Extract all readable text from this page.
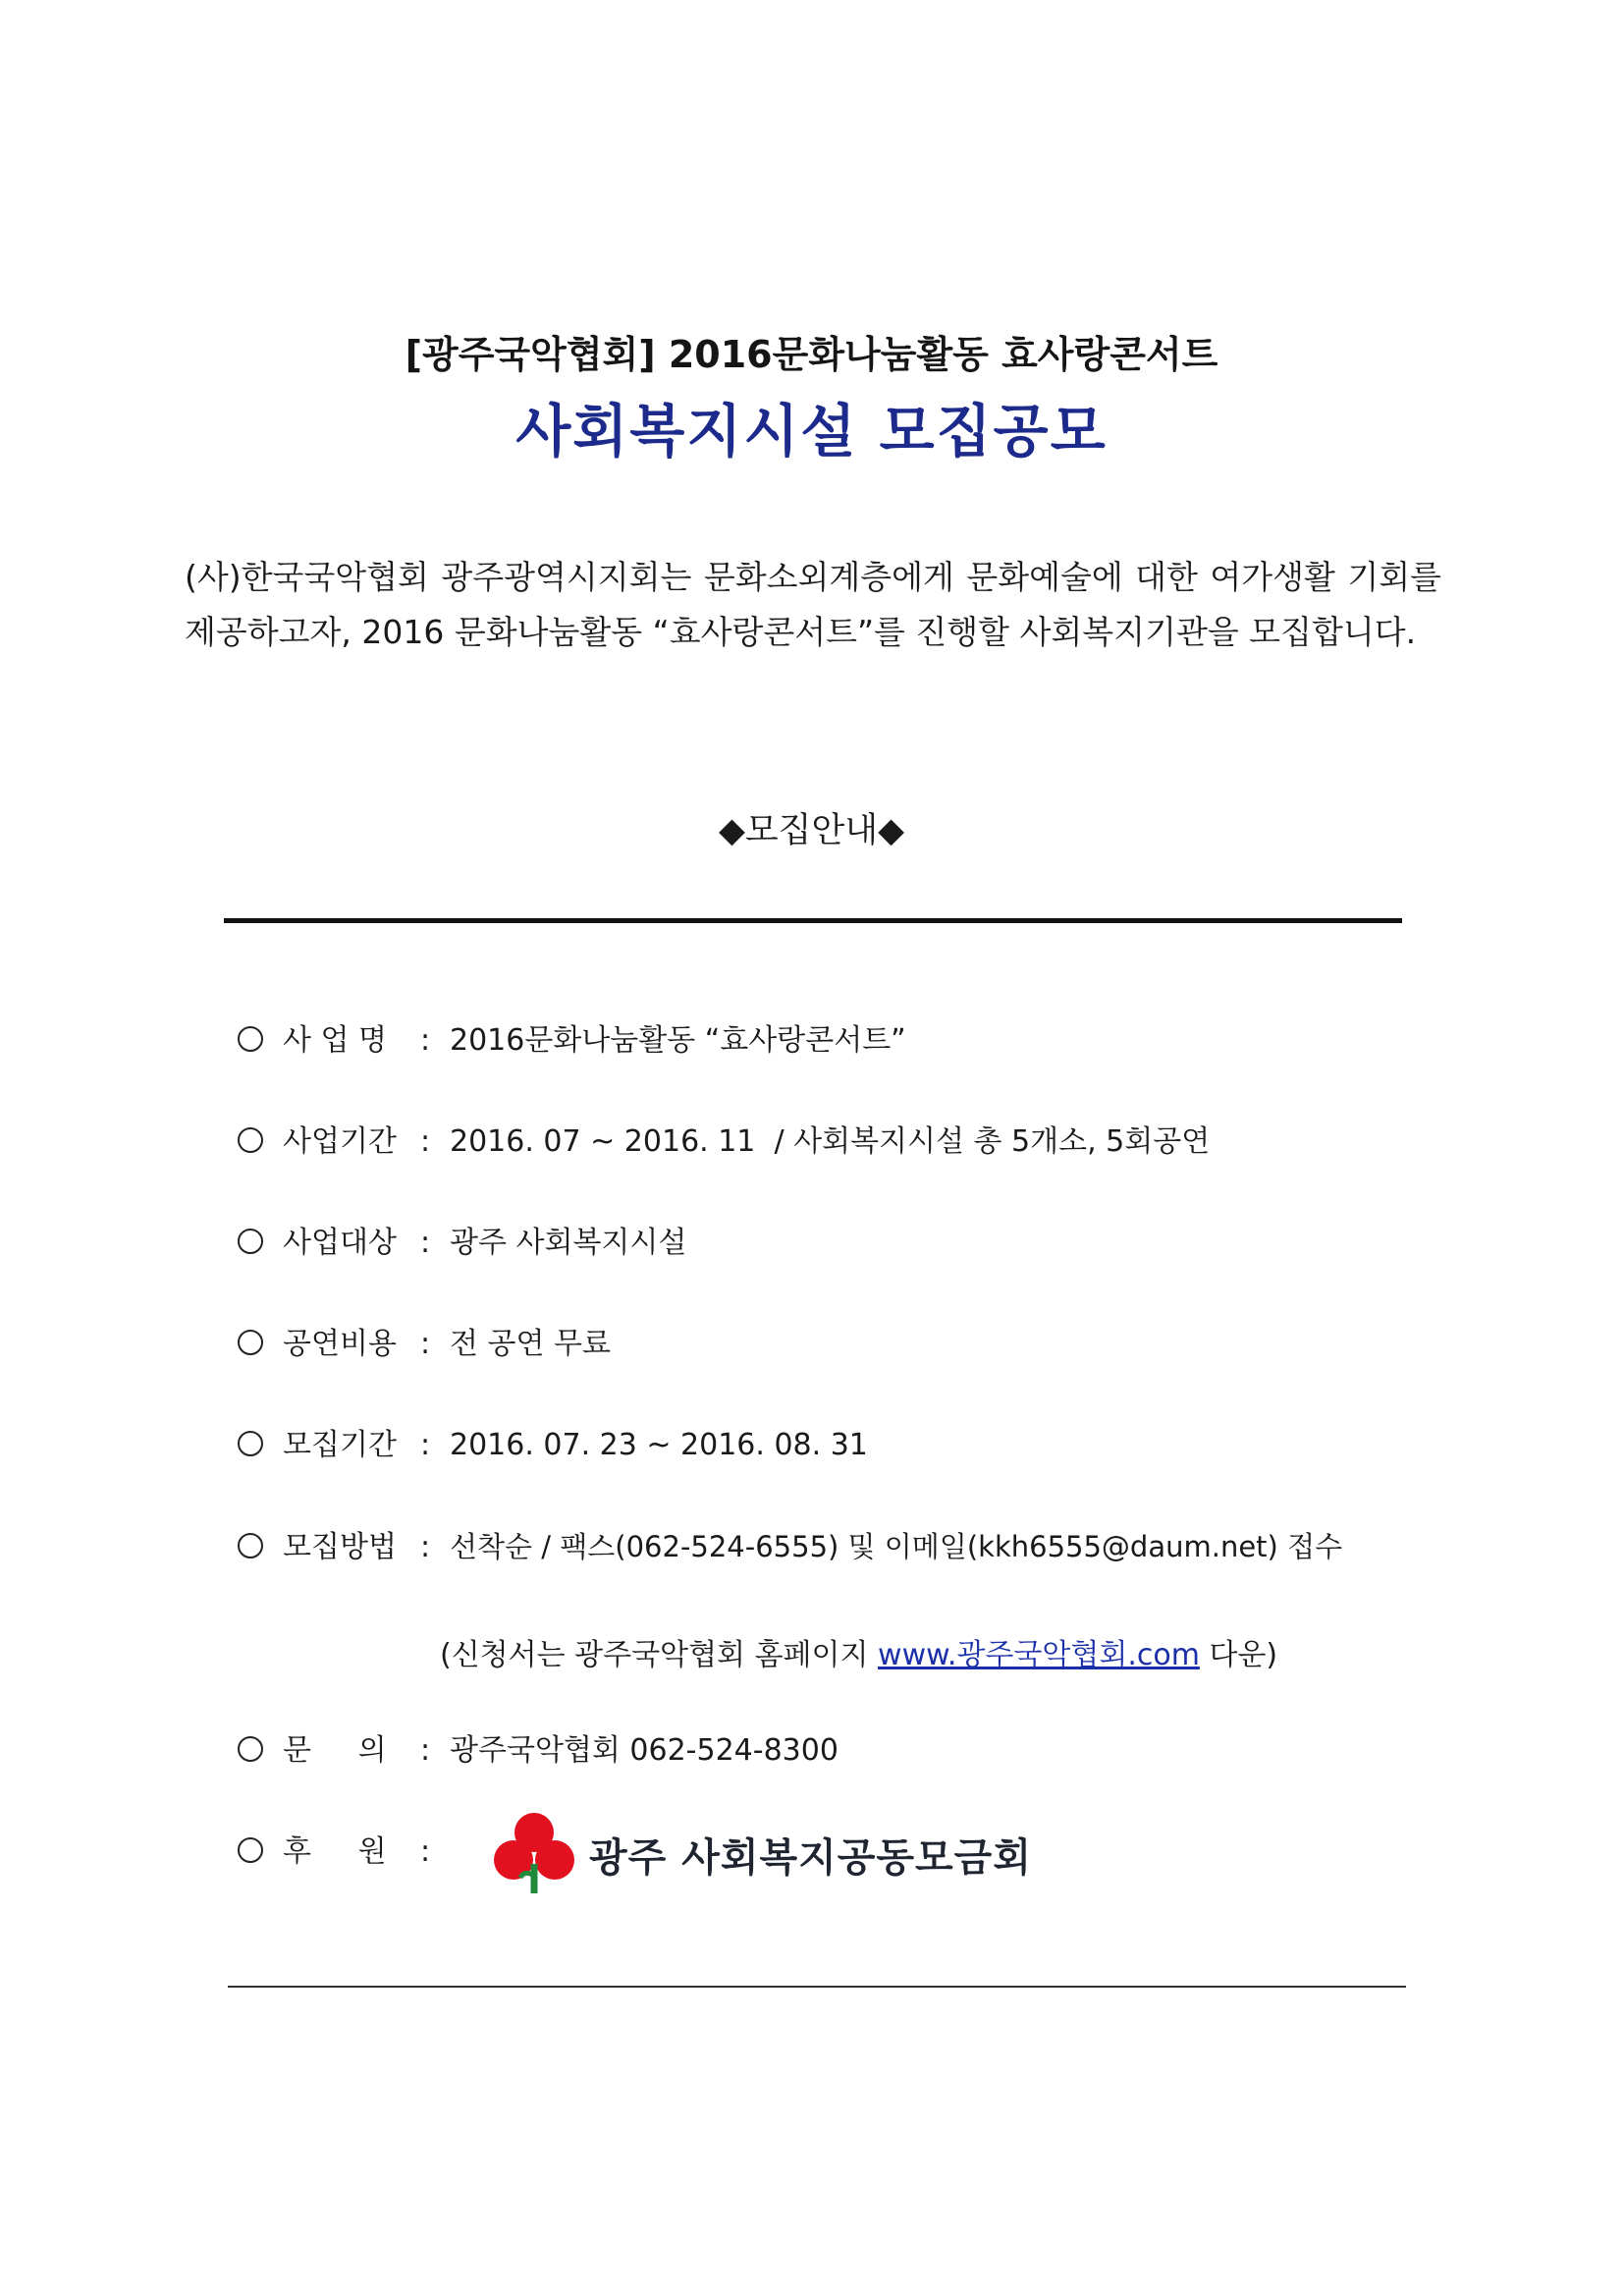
[광주국악협회] 2016문화나눔활동 효사랑콘서트
사회복지시설 모집공모
(사)한국국악협회 광주광역시지회는 문화소외계층에게 문화예술에 대한 여가생활 기회를 제공하고자, 2016 문화나눔활동 “효사랑콘서트”를 진행할 사회복지기관을 모집합니다.
◆모집안내◆
사 업 명 : 2016문화나눔활동 “효사랑콘서트”
사업기간 : 2016. 07 ~ 2016. 11  / 사회복지시설 총 5개소, 5회공연
사업대상 : 광주 사회복지시설
공연비용 : 전 공연 무료
모집기간 : 2016. 07. 23 ~ 2016. 08. 31
모집방법 : 선착순 / 팩스(062-524-6555) 및 이메일(kkh6555@daum.net) 접수
(신청서는 광주국악협회 홈페이지 www.광주국악협회.com 다운)
문     의 : 광주국악협회 062-524-8300
후     원 :	광주 사회복지공동모금회
